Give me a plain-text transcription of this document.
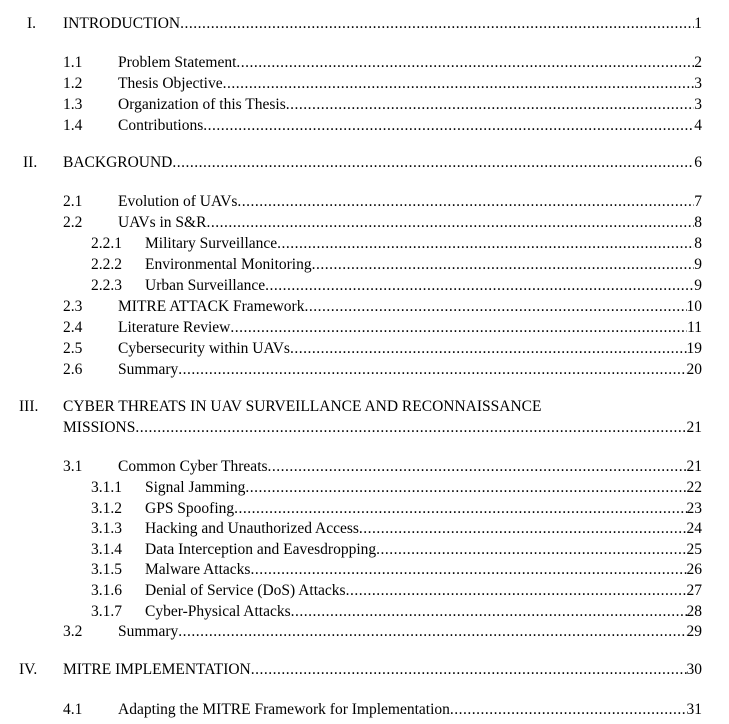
I. INTRODUCTION .....	1
1.1 Problem Statement .....	2
1.2 Thesis Objective .....	3
1.3 Organization of this Thesis .....	3
1.4 Contributions .....	4
II. BACKGROUND .....	6
2.1 Evolution of UAVs .....	7
2.2 UAVs in S&R .....	8
2.2.1 Military Surveillance .....	8
2.2.2 Environmental Monitoring .....	9
2.2.3 Urban Surveillance .....	9
2.3 MITRE ATTACK Framework .....	10
2.4 Literature Review .....	11
2.5 Cybersecurity within UAVs .....	19
2.6 Summary .....	20
III. CYBER THREATS IN UAV SURVEILLANCE AND RECONNAISSANCE
MISSIONS .....	21
3.1 Common Cyber Threats .....	21
3.1.1 Signal Jamming .....	22
3.1.2 GPS Spoofing .....	23
3.1.3 Hacking and Unauthorized Access .....	24
3.1.4 Data Interception and Eavesdropping .....	25
3.1.5 Malware Attacks .....	26
3.1.6 Denial of Service (DoS) Attacks .....	27
3.1.7 Cyber-Physical Attacks .....	28
3.2 Summary .....	29
IV. MITRE IMPLEMENTATION .....	30
4.1 Adapting the MITRE Framework for Implementation .....	31
